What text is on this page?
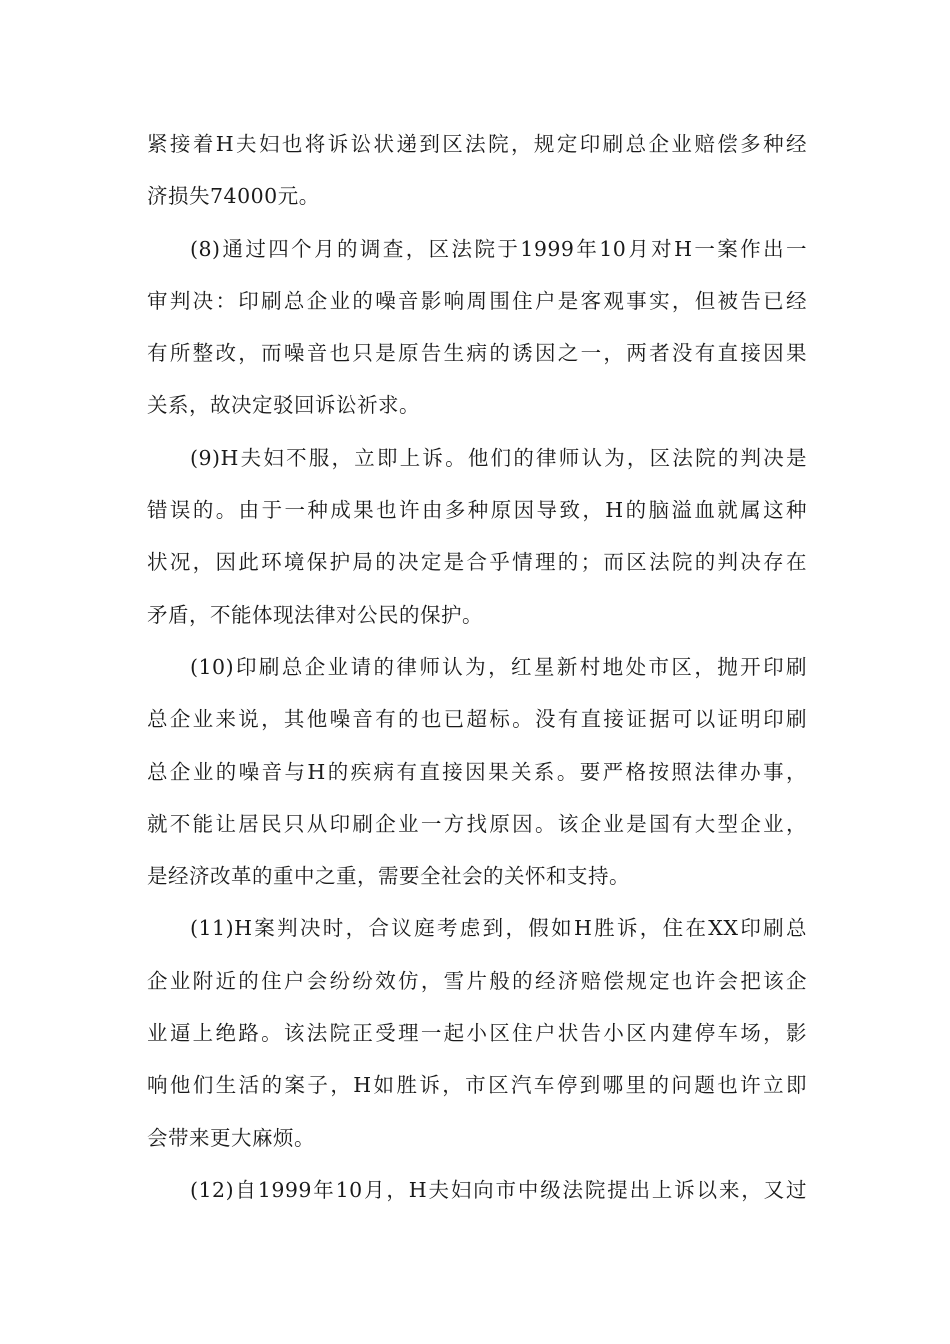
紧接着H夫妇也将诉讼状递到区法院，规定印刷总企业赔偿多种经
济损失74000元。
(8)通过四个月的调查，区法院于1999年10月对H一案作出一
审判决：印刷总企业的噪音影响周围住户是客观事实，但被告已经
有所整改，而噪音也只是原告生病的诱因之一，两者没有直接因果
关系，故决定驳回诉讼祈求。
(9)H夫妇不服，立即上诉。他们的律师认为，区法院的判决是
错误的。由于一种成果也许由多种原因导致，H的脑溢血就属这种
状况，因此环境保护局的决定是合乎情理的；而区法院的判决存在
矛盾，不能体现法律对公民的保护。
(10)印刷总企业请的律师认为，红星新村地处市区，抛开印刷
总企业来说，其他噪音有的也已超标。没有直接证据可以证明印刷
总企业的噪音与H的疾病有直接因果关系。要严格按照法律办事，
就不能让居民只从印刷企业一方找原因。该企业是国有大型企业，
是经济改革的重中之重，需要全社会的关怀和支持。
(11)H案判决时，合议庭考虑到，假如H胜诉，住在XX印刷总
企业附近的住户会纷纷效仿，雪片般的经济赔偿规定也许会把该企
业逼上绝路。该法院正受理一起小区住户状告小区内建停车场，影
响他们生活的案子，H如胜诉，市区汽车停到哪里的问题也许立即
会带来更大麻烦。
(12)自1999年10月，H夫妇向市中级法院提出上诉以来，又过
